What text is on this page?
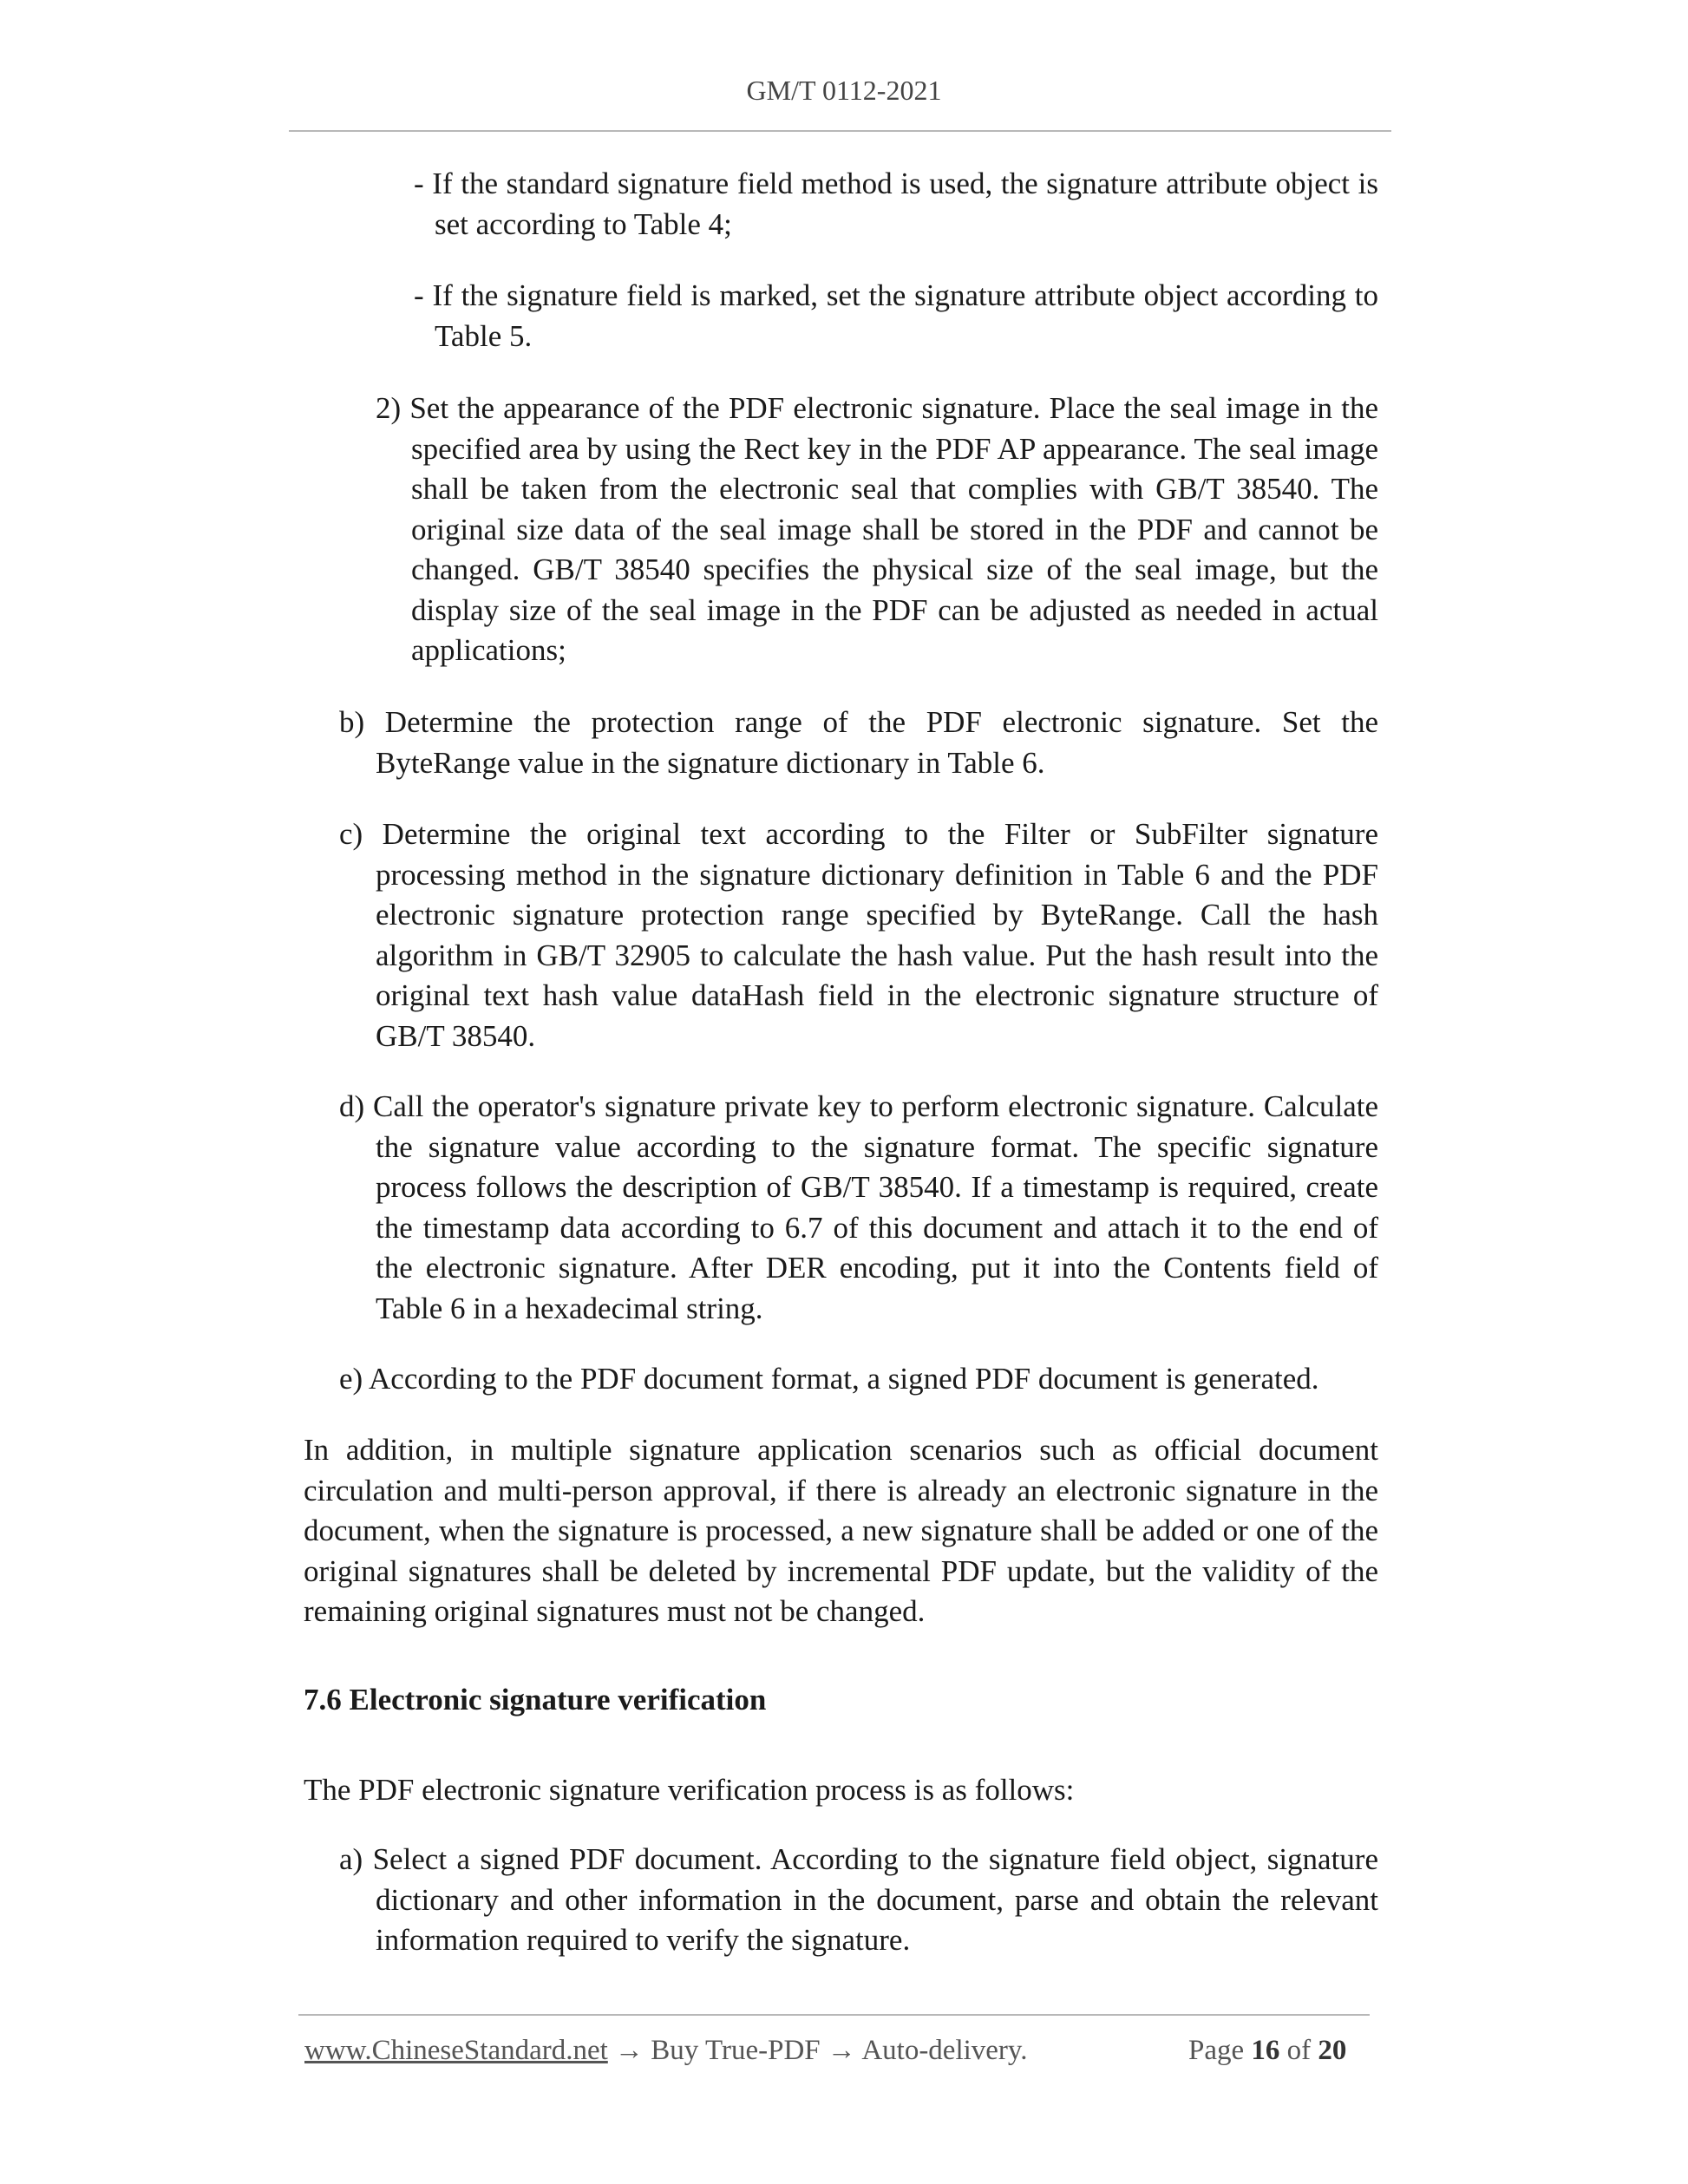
GM/T 0112-2021
- If the standard signature field method is used, the signature attribute object is set according to Table 4;
- If the signature field is marked, set the signature attribute object according to Table 5.
2) Set the appearance of the PDF electronic signature. Place the seal image in the specified area by using the Rect key in the PDF AP appearance. The seal image shall be taken from the electronic seal that complies with GB/T 38540. The original size data of the seal image shall be stored in the PDF and cannot be changed. GB/T 38540 specifies the physical size of the seal image, but the display size of the seal image in the PDF can be adjusted as needed in actual applications;
b) Determine the protection range of the PDF electronic signature. Set the ByteRange value in the signature dictionary in Table 6.
c) Determine the original text according to the Filter or SubFilter signature processing method in the signature dictionary definition in Table 6 and the PDF electronic signature protection range specified by ByteRange. Call the hash algorithm in GB/T 32905 to calculate the hash value. Put the hash result into the original text hash value dataHash field in the electronic signature structure of GB/T 38540.
d) Call the operator's signature private key to perform electronic signature. Calculate the signature value according to the signature format. The specific signature process follows the description of GB/T 38540. If a timestamp is required, create the timestamp data according to 6.7 of this document and attach it to the end of the electronic signature. After DER encoding, put it into the Contents field of Table 6 in a hexadecimal string.
e) According to the PDF document format, a signed PDF document is generated.
In addition, in multiple signature application scenarios such as official document circulation and multi-person approval, if there is already an electronic signature in the document, when the signature is processed, a new signature shall be added or one of the original signatures shall be deleted by incremental PDF update, but the validity of the remaining original signatures must not be changed.
7.6 Electronic signature verification
The PDF electronic signature verification process is as follows:
a) Select a signed PDF document. According to the signature field object, signature dictionary and other information in the document, parse and obtain the relevant information required to verify the signature.
www.ChineseStandard.net → Buy True-PDF → Auto-delivery.	Page 16 of 20
